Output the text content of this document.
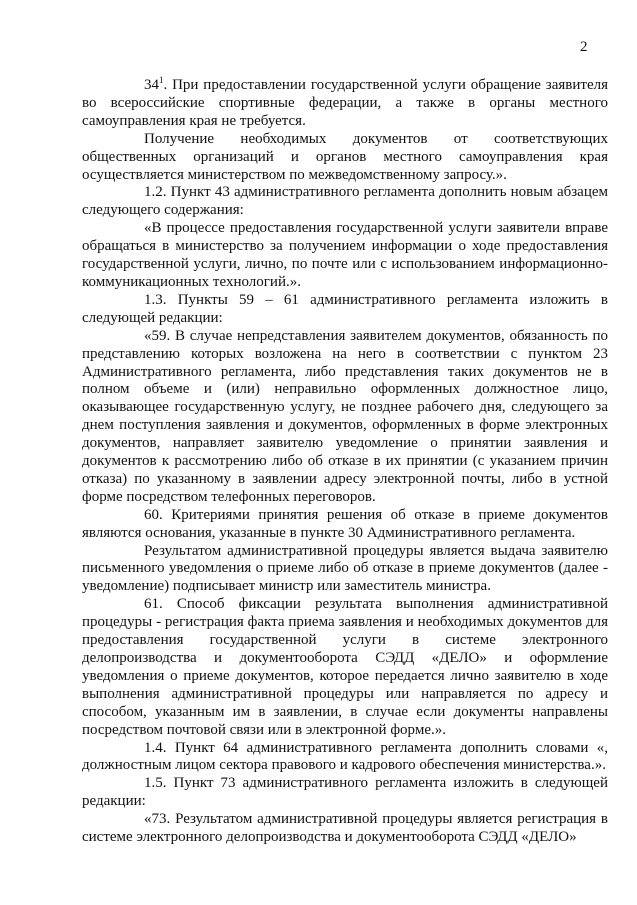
2

$34^1$. При предоставлении государственной услуги обращение заявителя во всероссийские спортивные федерации, а также в органы местного самоуправления края не требуется.

Получение необходимых документов от соответствующих общественных организаций и органов местного самоуправления края осуществляется министерством по межведомственному запросу.».

1.2. Пункт 43 административного регламента дополнить новым абзацем следующего содержания:

«В процессе предоставления государственной услуги заявители вправе обращаться в министерство за получением информации о ходе предоставления государственной услуги, лично, по почте или с использованием информационно-коммуникационных технологий.».

1.3. Пункты 59 – 61 административного регламента изложить в следующей редакции:

«59. В случае непредставления заявителем документов, обязанность по представлению которых возложена на него в соответствии с пунктом 23 Административного регламента, либо представления таких документов не в полном объеме и (или) неправильно оформленных должностное лицо, оказывающее государственную услугу, не позднее рабочего дня, следующего за днем поступления заявления и документов, оформленных в форме электронных документов, направляет заявителю уведомление о принятии заявления и документов к рассмотрению либо об отказе в их принятии (с указанием причин отказа) по указанному в заявлении адресу электронной почты, либо в устной форме посредством телефонных переговоров.

60. Критериями принятия решения об отказе в приеме документов являются основания, указанные в пункте 30 Административного регламента.

Результатом административной процедуры является выдача заявителю письменного уведомления о приеме либо об отказе в приеме документов (далее - уведомление) подписывает министр или заместитель министра.

61. Способ фиксации результата выполнения административной процедуры - регистрация факта приема заявления и необходимых документов для предоставления государственной услуги в системе электронного делопроизводства и документооборота СЭДД «ДЕЛО» и оформление уведомления о приеме документов, которое передается лично заявителю в ходе выполнения административной процедуры или направляется по адресу и способом, указанным им в заявлении, в случае если документы направлены посредством почтовой связи или в электронной форме.».

1.4. Пункт 64 административного регламента дополнить словами «, должностным лицом сектора правового и кадрового обеспечения министерства.».

1.5. Пункт 73 административного регламента изложить в следующей редакции:

«73. Результатом административной процедуры является регистрация в системе электронного делопроизводства и документооборота СЭДД «ДЕЛО»
